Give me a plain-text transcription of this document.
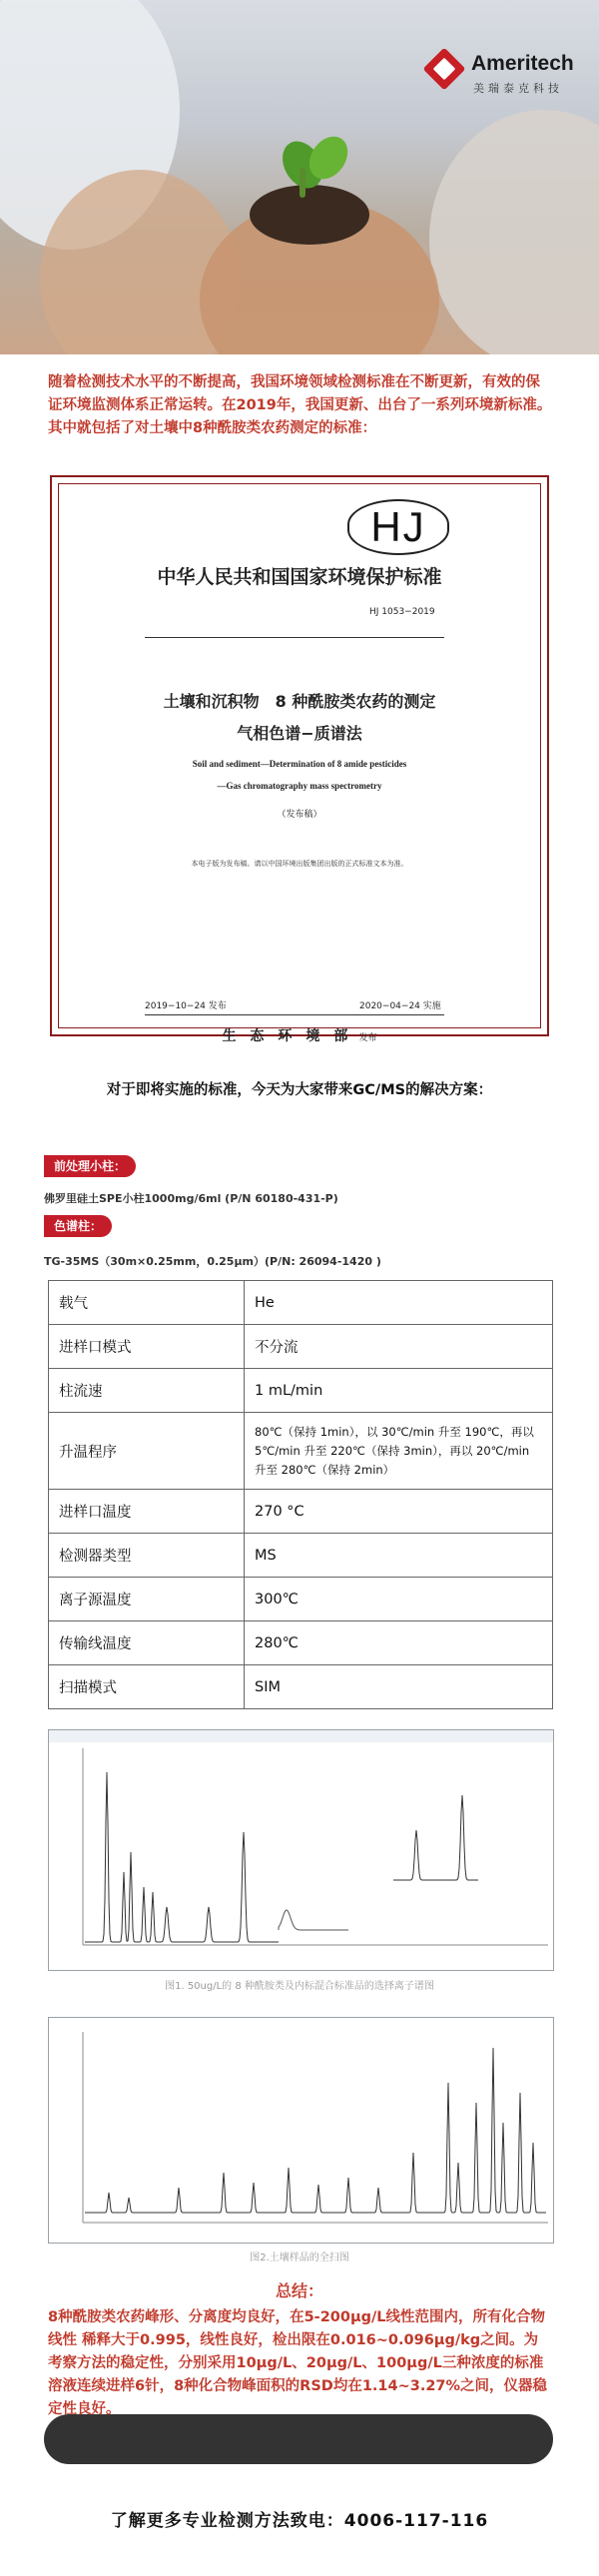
Ameritech
美瑞泰克科技
随着检测技术水平的不断提高，我国环境领域检测标准在不断更新，有效的保证环境监测体系正常运转。在2019年，我国更新、出台了一系列环境新标准。其中就包括了对土壤中8种酰胺类农药测定的标准：
HJ
中华人民共和国国家环境保护标准
HJ 1053−2019
土壤和沉积物　8 种酰胺类农药的测定
气相色谱−质谱法
Soil and sediment—Determination of 8 amide pesticides
—Gas chromatography mass spectrometry
（发布稿）
本电子版为发布稿。请以中国环境出版集团出版的正式标准文本为准。
2019−10−24 发布	2020−04−24 实施
生　态　环　境　部 发布
对于即将实施的标准，今天为大家带来GC/MS的解决方案：
前处理小柱：
佛罗里硅土SPE小柱1000mg/6ml (P/N 60180-431-P)
色谱柱：
TG-35MS（30m×0.25mm，0.25μm）(P/N: 26094-1420 )
载气	He
进样口模式	不分流
柱流速	1 mL/min
升温程序	80℃（保持 1min），以 30℃/min 升至 190℃，再以 5℃/min 升至 220℃（保持 3min），再以 20℃/min 升至 280℃（保持 2min）
进样口温度	270 °C
检测器类型	MS
离子源温度	300℃
传输线温度	280℃
扫描模式	SIM
图1. 50ug/L的 8 种酰胺类及内标混合标准品的选择离子谱图
图2.土壤样品的全扫图
总结：
8种酰胺类农药峰形、分离度均良好，在5-200μg/L线性范围内，所有化合物线性 稀释大于0.995，线性良好，检出限在0.016~0.096μg/kg之间。为考察方法的稳定性，分别采用10μg/L、20μg/L、100μg/L三种浓度的标准溶液连续进样6针，8种化合物峰面积的RSD均在1.14~3.27%之间，仪器稳定性良好。
了解更多专业检测方法致电：4006-117-116
